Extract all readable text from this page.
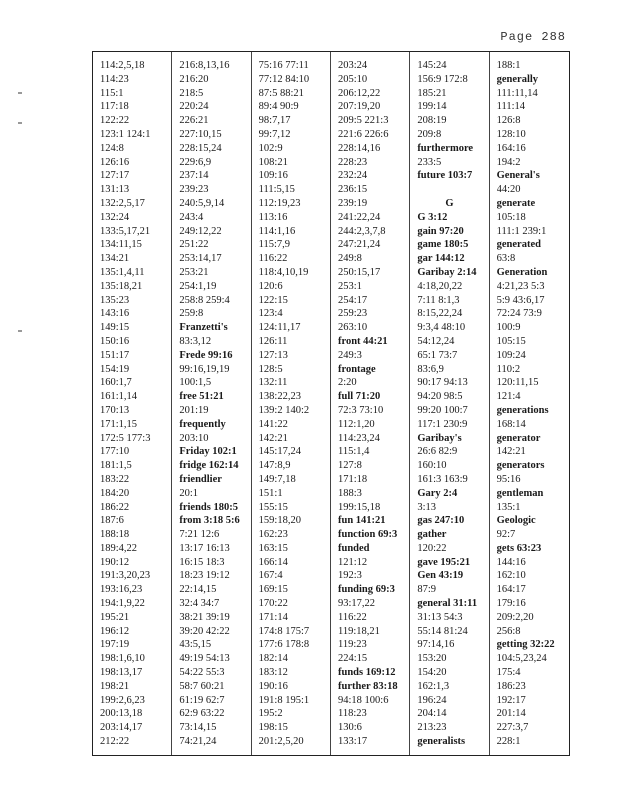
Page 288
114:2,5,18
114:23
115:1
117:18
122:22
123:1 124:1
124:8
126:16
127:17
131:13
132:2,5,17
132:24
133:5,17,21
134:11,15
134:21
135:1,4,11
135:18,21
135:23
143:16
149:15
150:16
151:17
154:19
160:1,7
161:1,14
170:13
171:1,15
172:5 177:3
177:10
181:1,5
183:22
184:20
186:22
187:6
188:18
189:4,22
190:12
191:3,20,23
193:16,23
194:1,9,22
195:21
196:12
197:19
198:1,6,10
198:13,17
198:21
199:2,6,23
200:13,18
203:14,17
212:22
216:8,13,16
216:20
218:5
220:24
226:21
227:10,15
228:15,24
229:6,9
237:14
239:23
240:5,9,14
243:4
249:12,22
251:22
253:14,17
253:21
254:1,19
258:8 259:4
259:8
Franzetti's
83:3,12
Frede 99:16
99:16,19,19
100:1,5
free 51:21
201:19
frequently
203:10
Friday 102:1
fridge 162:14
friendlier
20:1
friends 180:5
from 3:18 5:6
7:21 12:6
13:17 16:13
16:15 18:3
18:23 19:12
22:14,15
32:4 34:7
38:21 39:19
39:20 42:22
43:5,15
49:19 54:13
54:22 55:3
58:7 60:21
61:19 62:7
62:9 63:22
73:14,15
74:21,24
75:16 77:11
77:12 84:10
87:5 88:21
89:4 90:9
98:7,17
99:7,12
102:9
108:21
109:16
111:5,15
112:19,23
113:16
114:1,16
115:7,9
116:22
118:4,10,19
120:6
122:15
123:4
124:11,17
126:11
127:13
128:5
132:11
138:22,23
139:2 140:2
141:22
142:21
145:17,24
147:8,9
149:7,18
151:1
155:15
159:18,20
162:23
163:15
166:14
167:4
169:15
170:22
171:14
174:8 175:7
177:6 178:8
182:14
183:12
190:16
191:8 195:1
195:2
198:15
201:2,5,20
203:24
205:10
206:12,22
207:19,20
209:5 221:3
221:6 226:6
228:14,16
228:23
232:24
236:15
239:19
241:22,24
244:2,3,7,8
247:21,24
249:8
250:15,17
253:1
254:17
259:23
263:10
front 44:21
249:3
frontage
2:20
full 71:20
72:3 73:10
112:1,20
114:23,24
115:1,4
127:8
171:18
188:3
199:15,18
fun 141:21
function 69:3
funded
121:12
192:3
funding 69:3
93:17,22
116:22
119:18,21
119:23
224:15
funds 169:12
further 83:18
94:18 100:6
118:23
130:6
133:17
145:24
156:9 172:8
185:21
199:14
208:19
209:8
furthermore
233:5
future 103:7
G
G 3:12
gain 97:20
game 180:5
gar 144:12
Garibay 2:14
4:18,20,22
7:11 8:1,3
8:15,22,24
9:3,4 48:10
54:12,24
65:1 73:7
83:6,9
90:17 94:13
94:20 98:5
99:20 100:7
117:1 230:9
Garibay's
26:6 82:9
160:10
161:3 163:9
Gary 2:4
3:13
gas 247:10
gather
120:22
gave 195:21
Gen 43:19
87:9
general 31:11
31:13 54:3
55:14 81:24
97:14,16
153:20
154:20
162:1,3
196:24
204:14
213:23
generalists
188:1
generally
111:11,14
111:14
126:8
128:10
164:16
194:2
General's
44:20
generate
105:18
111:1 239:1
generated
63:8
Generation
4:21,23 5:3
5:9 43:6,17
72:24 73:9
100:9
105:15
109:24
110:2
120:11,15
121:4
generations
168:14
generator
142:21
generators
95:16
gentleman
135:1
Geologic
92:7
gets 63:23
144:16
162:10
164:17
179:16
209:2,20
256:8
getting 32:22
104:5,23,24
175:4
186:23
192:17
201:14
227:3,7
228:1
